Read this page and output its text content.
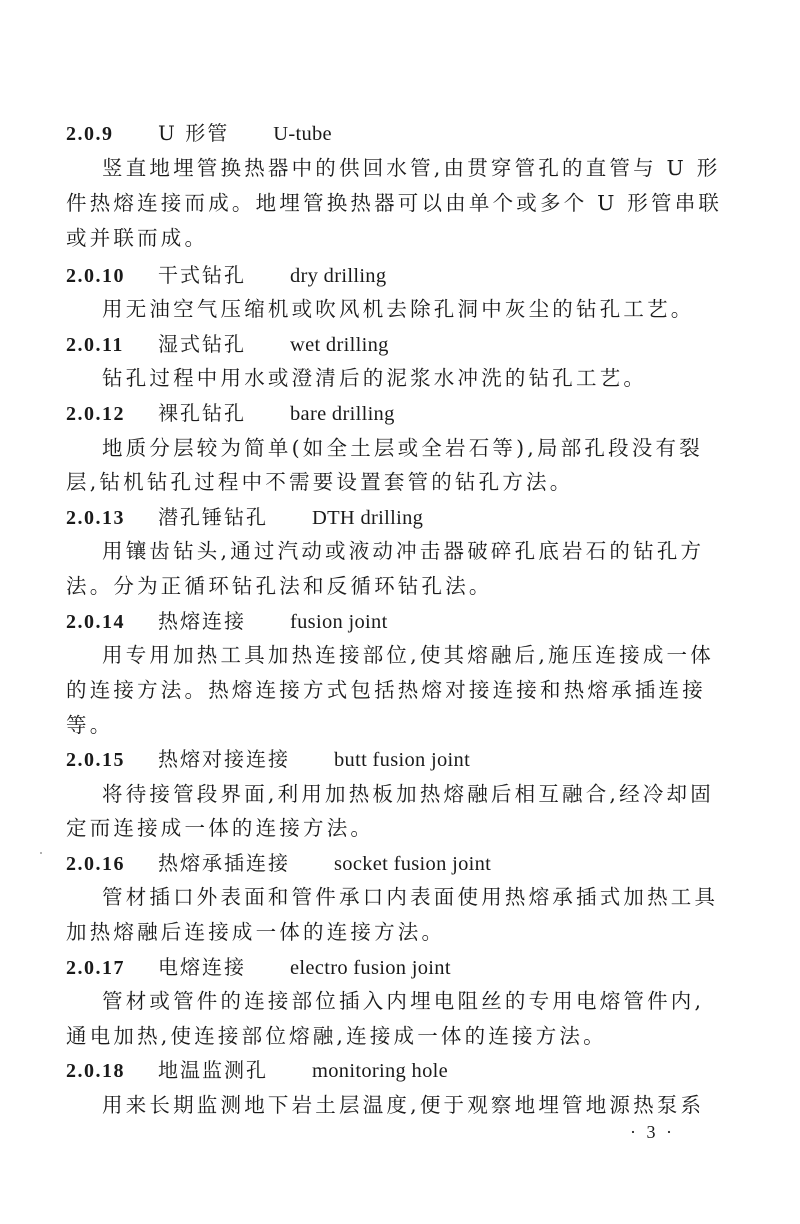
2.0.9 U 形管 U-tube
竖直地埋管换热器中的供回水管,由贯穿管孔的直管与 U 形
件热熔连接而成。地埋管换热器可以由单个或多个 U 形管串联
或并联而成。
2.0.10 干式钻孔 dry drilling
用无油空气压缩机或吹风机去除孔洞中灰尘的钻孔工艺。
2.0.11 湿式钻孔 wet drilling
钻孔过程中用水或澄清后的泥浆水冲洗的钻孔工艺。
2.0.12 裸孔钻孔 bare drilling
地质分层较为简单(如全土层或全岩石等),局部孔段没有裂
层,钻机钻孔过程中不需要设置套管的钻孔方法。
2.0.13 潜孔锤钻孔 DTH drilling
用镶齿钻头,通过汽动或液动冲击器破碎孔底岩石的钻孔方
法。分为正循环钻孔法和反循环钻孔法。
2.0.14 热熔连接 fusion joint
用专用加热工具加热连接部位,使其熔融后,施压连接成一体
的连接方法。热熔连接方式包括热熔对接连接和热熔承插连接
等。
2.0.15 热熔对接连接 butt fusion joint
将待接管段界面,利用加热板加热熔融后相互融合,经冷却固
定而连接成一体的连接方法。
2.0.16 热熔承插连接 socket fusion joint
管材插口外表面和管件承口内表面使用热熔承插式加热工具
加热熔融后连接成一体的连接方法。
2.0.17 电熔连接 electro fusion joint
管材或管件的连接部位插入内埋电阻丝的专用电熔管件内,
通电加热,使连接部位熔融,连接成一体的连接方法。
2.0.18 地温监测孔 monitoring hole
用来长期监测地下岩土层温度,便于观察地埋管地源热泵系
· 3 ·
